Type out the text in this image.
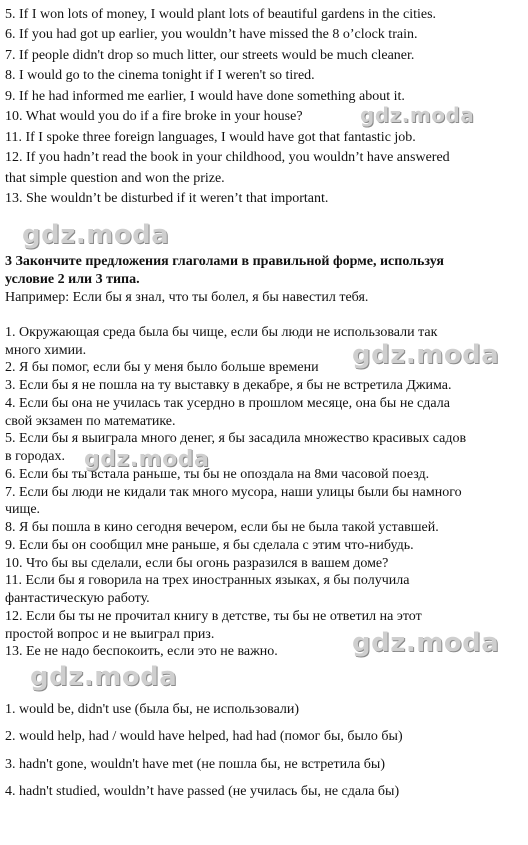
5. If I won lots of money, I would plant lots of beautiful gardens in the cities.
6. If you had got up earlier, you wouldn’t have missed the 8 o’clock train.
7. If people didn't drop so much litter, our streets would be much cleaner.
8. I would go to the cinema tonight if I weren't so tired.
9. If he had informed me earlier, I would have done something about it.
10. What would you do if a fire broke in your house?
11. If I spoke three foreign languages, I would have got that fantastic job.
12. If you hadn’t read the book in your childhood, you wouldn’t have answered
that simple question and won the prize.
13. She wouldn’t be disturbed if it weren’t that important.
3 Закончите предложения глаголами в правильной форме, используя
условие 2 или 3 типа.
Например: Если бы я знал, что ты болел, я бы навестил тебя.
1. Окружающая среда была бы чище, если бы люди не использовали так
много химии.
2. Я бы помог, если бы у меня было больше времени
3. Если бы я не пошла на ту выставку в декабре, я бы не встретила Джима.
4. Если бы она не училась так усердно в прошлом месяце, она бы не сдала
свой экзамен по математике.
5. Если бы я выиграла много денег, я бы засадила множество красивых садов
в городах.
6. Если бы ты встала раньше, ты бы не опоздала на 8ми часовой поезд.
7. Если бы люди не кидали так много мусора, наши улицы были бы намного
чище.
8. Я бы пошла в кино сегодня вечером, если бы не была такой уставшей.
9. Если бы он сообщил мне раньше, я бы сделала с этим что-нибудь.
10. Что бы вы сделали, если бы огонь разразился в вашем доме?
11. Если бы я говорила на трех иностранных языках, я бы получила
фантастическую работу.
12. Если бы ты не прочитал книгу в детстве, ты бы не ответил на этот
простой вопрос и не выиграл приз.
13. Ее не надо беспокоить, если это не важно.
1. would be, didn't use (была бы, не использовали)
2. would help, had / would have helped, had had (помог бы, было бы)
3. hadn't gone, wouldn't have met (не пошла бы, не встретила бы)
4. hadn't studied, wouldn’t have passed (не училась бы, не сдала бы)
gdz.moda
gdz.moda
gdz.moda
gdz.moda
gdz.moda
gdz.moda
